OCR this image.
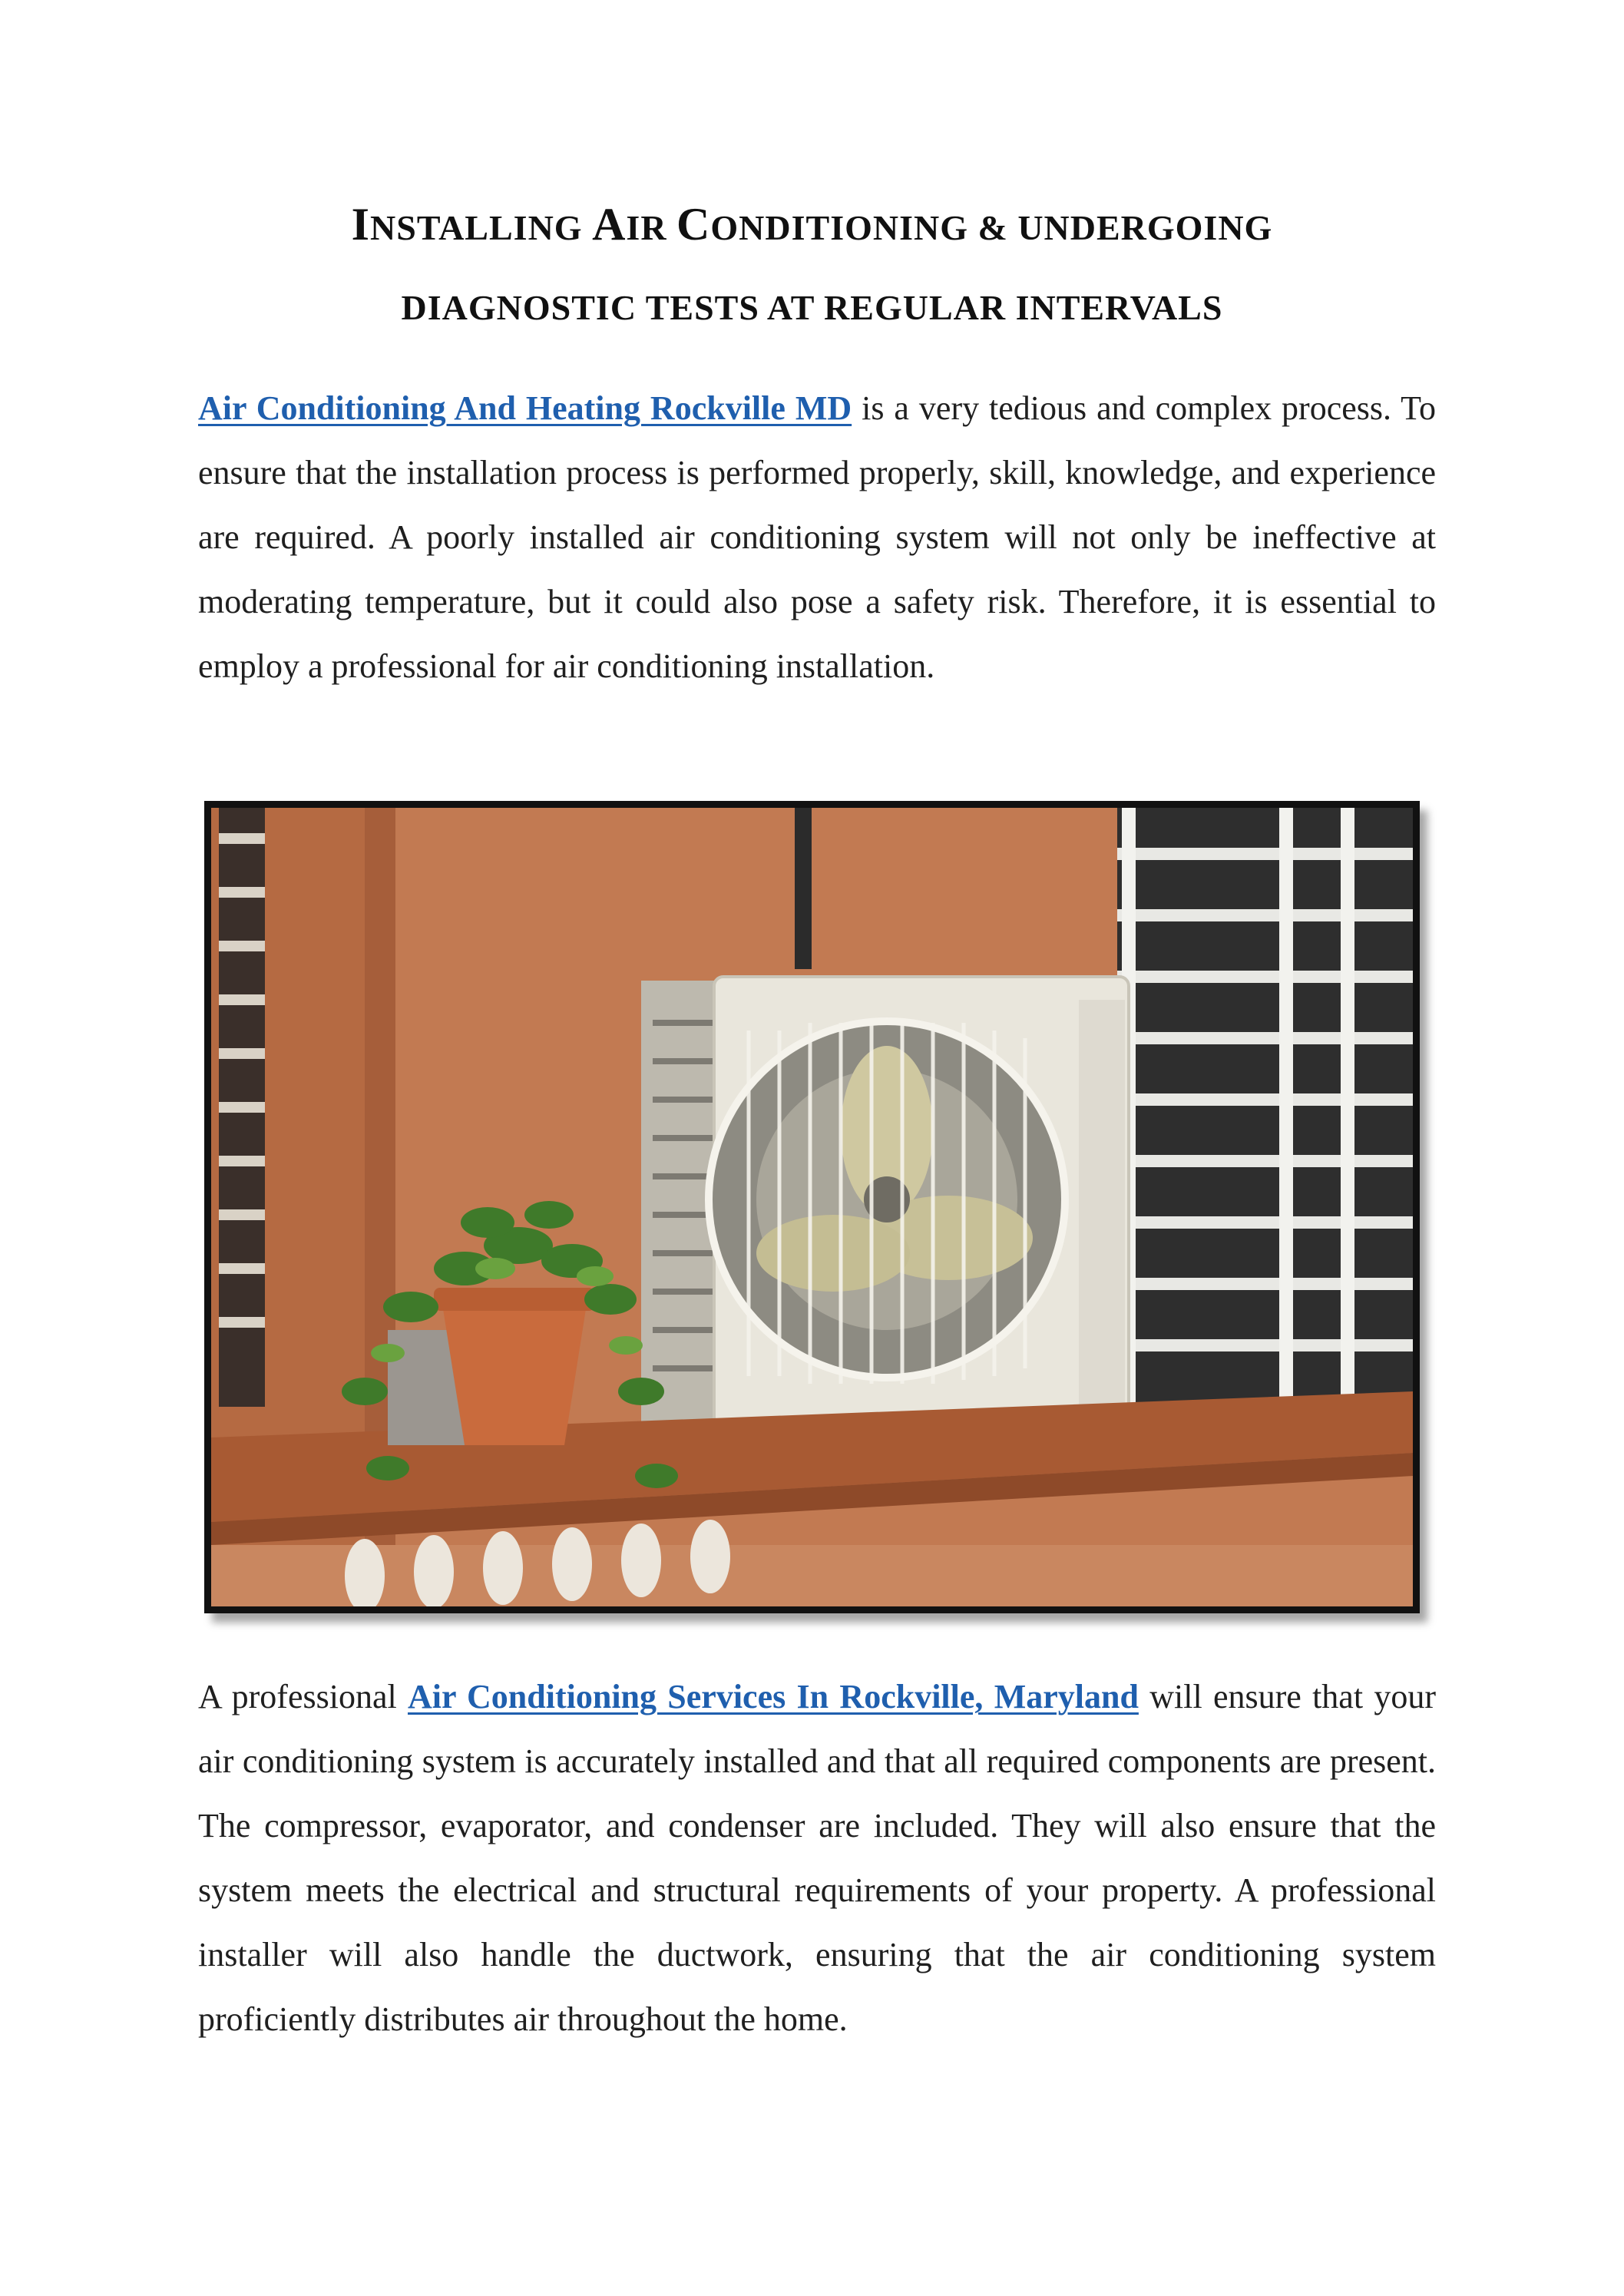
INSTALLING AIR CONDITIONING & UNDERGOING
DIAGNOSTIC TESTS AT REGULAR INTERVALS
Air Conditioning And Heating Rockville MD is a very tedious and complex process. To ensure that the installation process is performed properly, skill, knowledge, and experience are required. A poorly installed air conditioning system will not only be ineffective at moderating temperature, but it could also pose a safety risk. Therefore, it is essential to employ a professional for air conditioning installation.
A professional Air Conditioning Services In Rockville, Maryland will ensure that your air conditioning system is accurately installed and that all required components are present. The compressor, evaporator, and condenser are included. They will also ensure that the system meets the electrical and structural requirements of your property. A professional installer will also handle the ductwork, ensuring that the air conditioning system proficiently distributes air throughout the home.
